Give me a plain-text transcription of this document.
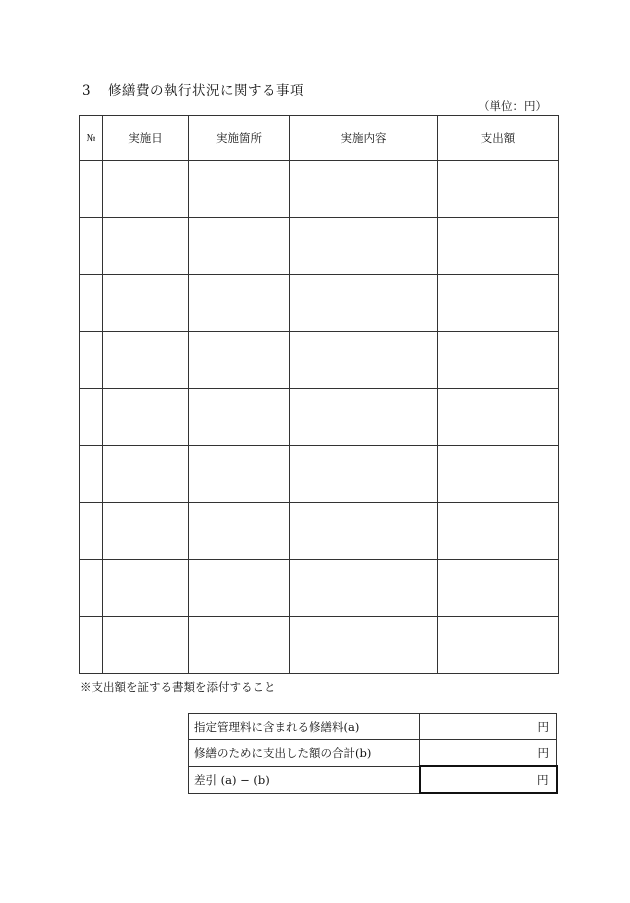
3 修繕費の執行状況に関する事項
（単位：円）
№	実施日	実施箇所	実施内容	支出額

※支出額を証する書類を添付すること
指定管理料に含まれる修繕料(a)	円
修繕のために支出した額の合計(b)	円
差引 (a) − (b)	円
